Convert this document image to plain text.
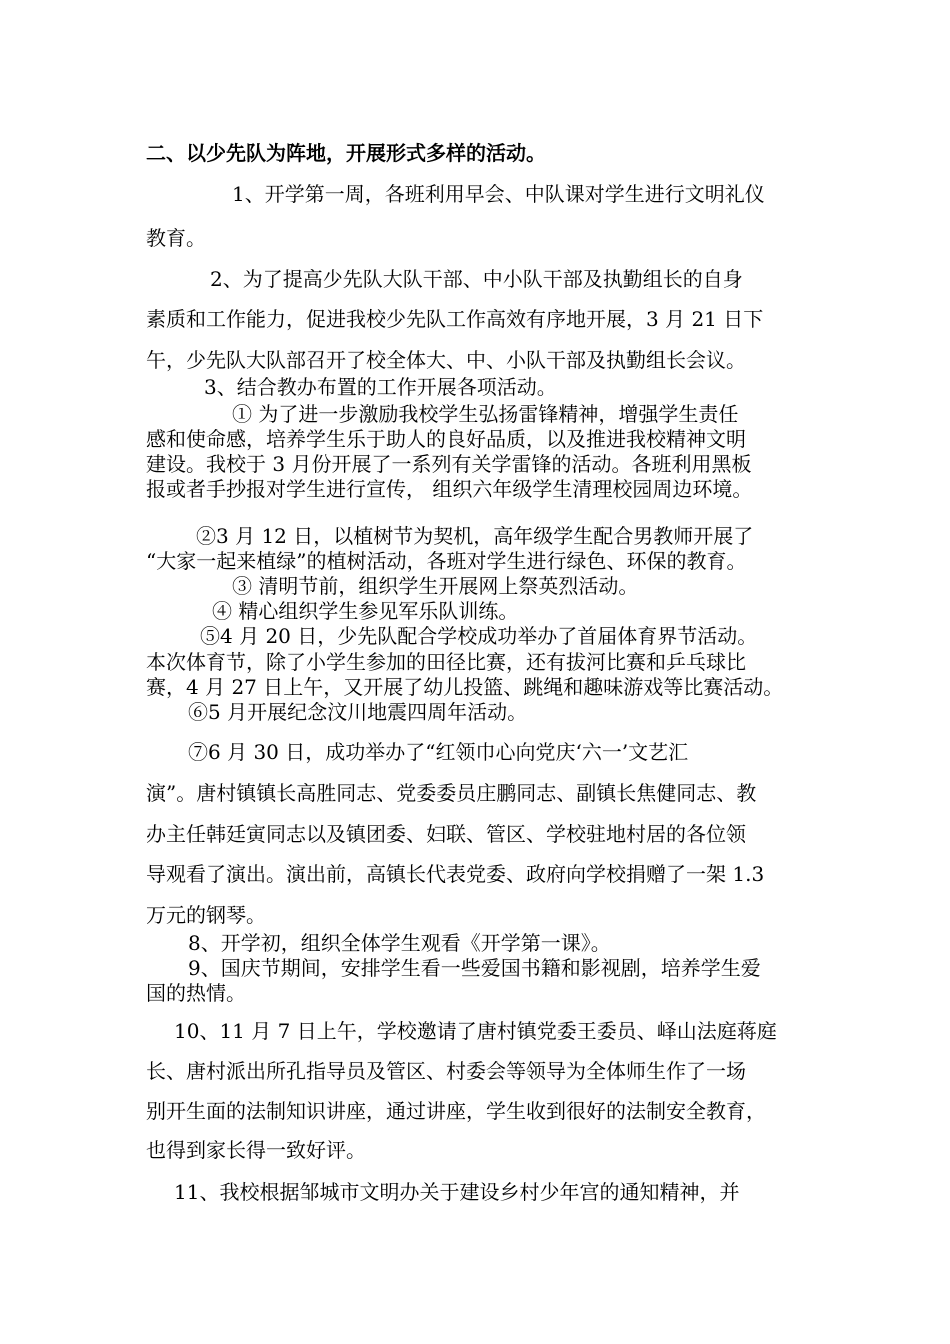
二、以少先队为阵地，开展形式多样的活动。
1、开学第一周，各班利用早会、中队课对学生进行文明礼仪
教育。
2、为了提高少先队大队干部、中小队干部及执勤组长的自身
素质和工作能力，促进我校少先队工作高效有序地开展，3 月 21 日下
午，少先队大队部召开了校全体大、中、小队干部及执勤组长会议。
3、结合教办布置的工作开展各项活动。
① 为了进一步激励我校学生弘扬雷锋精神，增强学生责任
感和使命感，培养学生乐于助人的良好品质，以及推进我校精神文明
建设。我校于 3 月份开展了一系列有关学雷锋的活动。各班利用黑板
报或者手抄报对学生进行宣传， 组织六年级学生清理校园周边环境。
②3 月 12 日，以植树节为契机，高年级学生配合男教师开展了
“大家一起来植绿”的植树活动，各班对学生进行绿色、环保的教育。
③ 清明节前，组织学生开展网上祭英烈活动。
④ 精心组织学生参见军乐队训练。
⑤4 月 20 日，少先队配合学校成功举办了首届体育界节活动。
本次体育节，除了小学生参加的田径比赛，还有拔河比赛和乒乓球比
赛，4 月 27 日上午，又开展了幼儿投篮、跳绳和趣味游戏等比赛活动。
⑥5 月开展纪念汶川地震四周年活动。
⑦6 月 30 日，成功举办了“红领巾心向党庆‘六一’文艺汇
演”。唐村镇镇长高胜同志、党委委员庄鹏同志、副镇长焦健同志、教
办主任韩廷寅同志以及镇团委、妇联、管区、学校驻地村居的各位领
导观看了演出。演出前，高镇长代表党委、政府向学校捐赠了一架 1.3
万元的钢琴。
8、开学初，组织全体学生观看《开学第一课》。
9、国庆节期间，安排学生看一些爱国书籍和影视剧，培养学生爱
国的热情。
10、11 月 7 日上午，学校邀请了唐村镇党委王委员、峄山法庭蒋庭
长、唐村派出所孔指导员及管区、村委会等领导为全体师生作了一场
别开生面的法制知识讲座，通过讲座，学生收到很好的法制安全教育，
也得到家长得一致好评。
11、我校根据邹城市文明办关于建设乡村少年宫的通知精神，并
